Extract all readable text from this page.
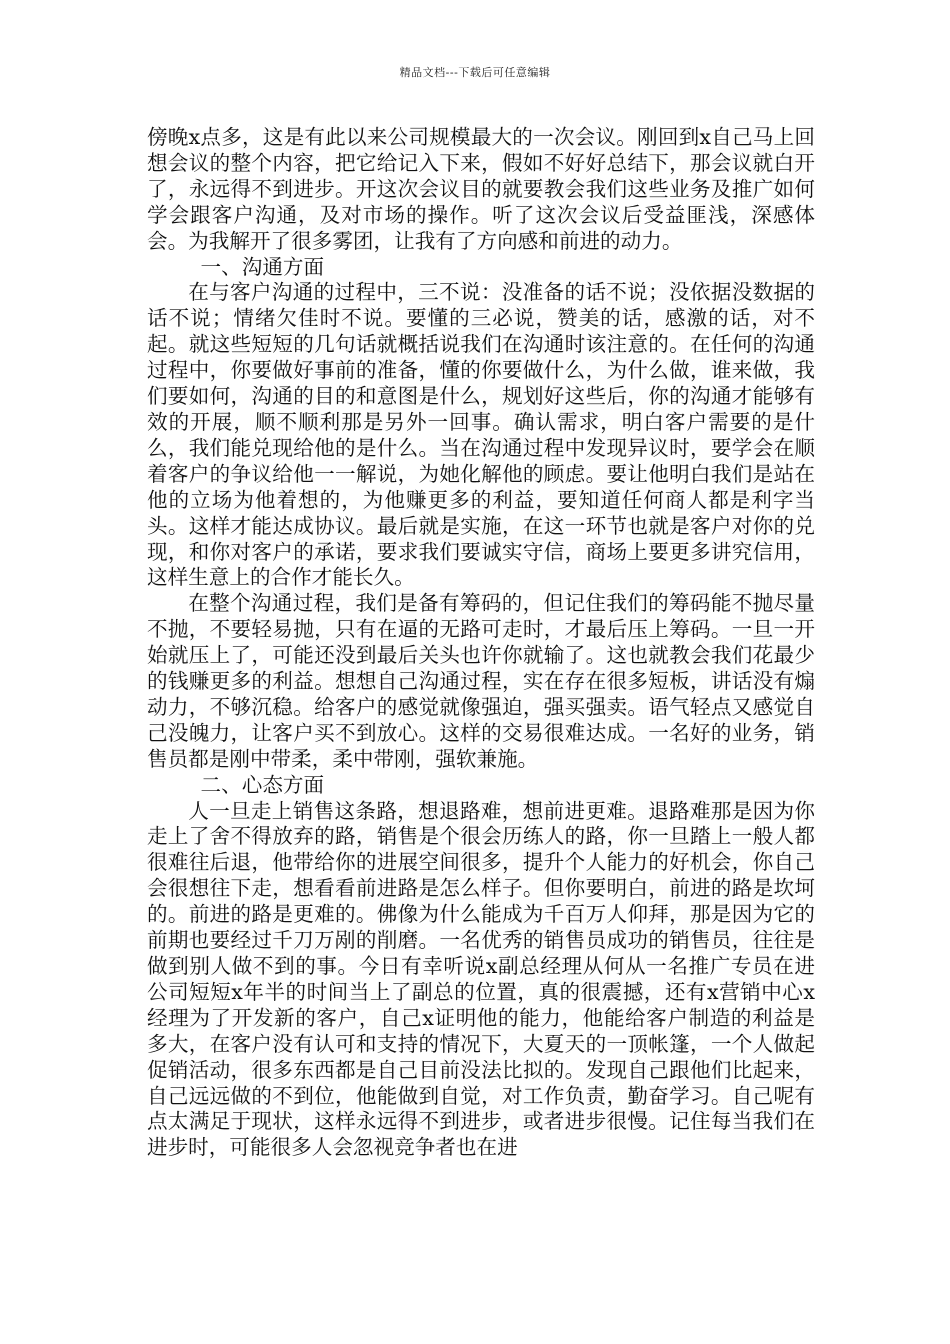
精品文档---下载后可任意编辑

傍晚x点多，这是有此以来公司规模最大的一次会议。刚回到x自己马上回想会议的整个内容，把它给记入下来，假如不好好总结下，那会议就白开了，永远得不到进步。开这次会议目的就要教会我们这些业务及推广如何学会跟客户沟通，及对市场的操作。听了这次会议后受益匪浅，深感体会。为我解开了很多雾团，让我有了方向感和前进的动力。

一、沟通方面

在与客户沟通的过程中，三不说：没准备的话不说；没依据没数据的话不说；情绪欠佳时不说。要懂的三必说，赞美的话，感激的话，对不起。就这些短短的几句话就概括说我们在沟通时该注意的。在任何的沟通过程中，你要做好事前的准备，懂的你要做什么，为什么做，谁来做，我们要如何，沟通的目的和意图是什么，规划好这些后，你的沟通才能够有效的开展，顺不顺利那是另外一回事。确认需求，明白客户需要的是什么，我们能兑现给他的是什么。当在沟通过程中发现异议时，要学会在顺着客户的争议给他一一解说，为她化解他的顾虑。要让他明白我们是站在他的立场为他着想的，为他赚更多的利益，要知道任何商人都是利字当头。这样才能达成协议。最后就是实施，在这一环节也就是客户对你的兑现，和你对客户的承诺，要求我们要诚实守信，商场上要更多讲究信用，这样生意上的合作才能长久。

在整个沟通过程，我们是备有筹码的，但记住我们的筹码能不抛尽量不抛，不要轻易抛，只有在逼的无路可走时，才最后压上筹码。一旦一开始就压上了，可能还没到最后关头也许你就输了。这也就教会我们花最少的钱赚更多的利益。想想自己沟通过程，实在存在很多短板，讲话没有煽动力，不够沉稳。给客户的感觉就像强迫，强买强卖。语气轻点又感觉自己没魄力，让客户买不到放心。这样的交易很难达成。一名好的业务，销售员都是刚中带柔，柔中带刚，强软兼施。

二、心态方面

人一旦走上销售这条路，想退路难，想前进更难。退路难那是因为你走上了舍不得放弃的路，销售是个很会历练人的路，你一旦踏上一般人都很难往后退，他带给你的进展空间很多，提升个人能力的好机会，你自己会很想往下走，想看看前进路是怎么样子。但你要明白，前进的路是坎坷的。前进的路是更难的。佛像为什么能成为千百万人仰拜，那是因为它的前期也要经过千刀万剐的削磨。一名优秀的销售员成功的销售员，往往是做到别人做不到的事。今日有幸听说x副总经理从何从一名推广专员在进公司短短x年半的时间当上了副总的位置，真的很震撼，还有x营销中心x经理为了开发新的客户，自己x证明他的能力，他能给客户制造的利益是多大，在客户没有认可和支持的情况下，大夏天的一顶帐篷，一个人做起促销活动，很多东西都是自己目前没法比拟的。发现自己跟他们比起来，自己远远做的不到位，他能做到自觉，对工作负责，勤奋学习。自己呢有点太满足于现状，这样永远得不到进步，或者进步很慢。记住每当我们在进步时，可能很多人会忽视竞争者也在进
